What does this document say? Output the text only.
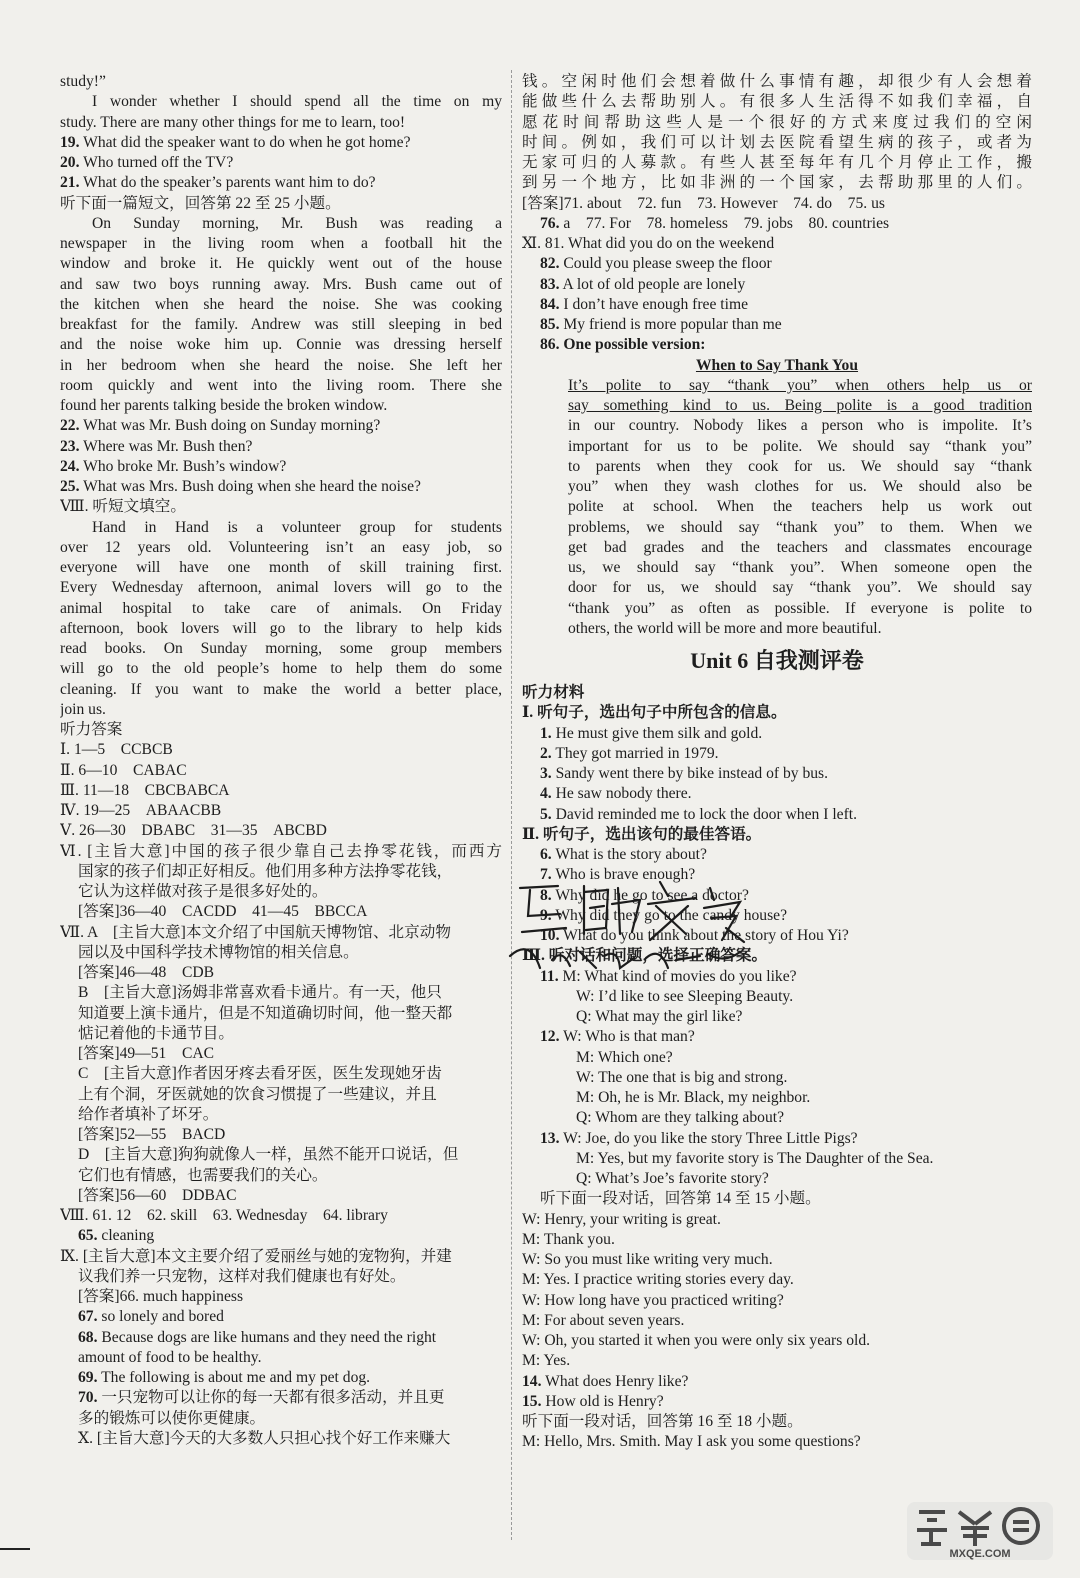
study!”
I wonder whether I should spend all the time on my
study. There are many other things for me to learn, too!
19. What did the speaker want to do when he got home?
20. Who turned off the TV?
21. What do the speaker’s parents want him to do?
听下面一篇短文，回答第 22 至 25 小题。
On Sunday morning, Mr. Bush was reading a
newspaper in the living room when a football hit the
window and broke it. He quickly went out of the house
and saw two boys running away. Mrs. Bush came out of
the kitchen when she heard the noise. She was cooking
breakfast for the family. Andrew was still sleeping in bed
and the noise woke him up. Connie was dressing herself
in her bedroom when she heard the noise. She left her
room quickly and went into the living room. There she
found her parents talking beside the broken window.
22. What was Mr. Bush doing on Sunday morning?
23. Where was Mr. Bush then?
24. Who broke Mr. Bush’s window?
25. What was Mrs. Bush doing when she heard the noise?
Ⅷ. 听短文填空。
Hand in Hand is a volunteer group for students
over 12 years old. Volunteering isn’t an easy job, so
everyone will have one month of skill training first.
Every Wednesday afternoon, animal lovers will go to the
animal hospital to take care of animals. On Friday
afternoon, book lovers will go to the library to help kids
read books. On Sunday morning, some group members
will go to the old people’s home to help them do some
cleaning. If you want to make the world a better place,
join us.
听力答案
Ⅰ. 1—5　CCBCB
Ⅱ. 6—10　CABAC
Ⅲ. 11—18　CBCBABCA
Ⅳ. 19—25　ABAACBB
Ⅴ. 26—30　DBABC　31—35　ABCBD
Ⅵ. [主旨大意]中国的孩子很少靠自己去挣零花钱，而西方
国家的孩子们却正好相反。他们用多种方法挣零花钱，
它认为这样做对孩子是很多好处的。
[答案]36—40　CACDD　41—45　BBCCA
Ⅶ. A　[主旨大意]本文介绍了中国航天博物馆、北京动物
园以及中国科学技术博物馆的相关信息。
[答案]46—48　CDB
B　[主旨大意]汤姆非常喜欢看卡通片。有一天，他只
知道要上演卡通片，但是不知道确切时间，他一整天都
惦记着他的卡通节目。
[答案]49—51　CAC
C　[主旨大意]作者因牙疼去看牙医，医生发现她牙齿
上有个洞，牙医就她的饮食习惯提了一些建议，并且
给作者填补了坏牙。
[答案]52—55　BACD
D　[主旨大意]狗狗就像人一样，虽然不能开口说话，但
它们也有情感，也需要我们的关心。
[答案]56—60　DDBAC
Ⅷ. 61. 12　62. skill　63. Wednesday　64. library
65. cleaning
Ⅸ. [主旨大意]本文主要介绍了爱丽丝与她的宠物狗，并建
议我们养一只宠物，这样对我们健康也有好处。
[答案]66. much happiness
67. so lonely and bored
68. Because dogs are like humans and they need the right
amount of food to be healthy.
69. The following is about me and my pet dog.
70. 一只宠物可以让你的每一天都有很多活动，并且更
多的锻炼可以使你更健康。
Ⅹ. [主旨大意]今天的大多数人只担心找个好工作来赚大
钱。空闲时他们会想着做什么事情有趣，却很少有人会想着
能做些什么去帮助别人。有很多人生活得不如我们幸福，自
愿花时间帮助这些人是一个很好的方式来度过我们的空闲
时间。例如，我们可以计划去医院看望生病的孩子，或者为
无家可归的人募款。有些人甚至每年有几个月停止工作，搬
到另一个地方，比如非洲的一个国家，去帮助那里的人们。
[答案]71. about　72. fun　73. However　74. do　75. us
76. a　77. For　78. homeless　79. jobs　80. countries
Ⅺ. 81. What did you do on the weekend
82. Could you please sweep the floor
83. A lot of old people are lonely
84. I don’t have enough free time
85. My friend is more popular than me
86. One possible version:
When to Say Thank You
It’s polite to say “thank you” when others help us or
say something kind to us. Being polite is a good tradition
in our country. Nobody likes a person who is impolite. It’s
important for us to be polite. We should say “thank you”
to parents when they cook for us. We should say “thank
you” when they wash clothes for us. We should also be
polite at school. When the teachers help us work out
problems, we should say “thank you” to them. When we
get bad grades and the teachers and classmates encourage
us, we should say “thank you”. When someone open the
door for us, we should say “thank you”. We should say
“thank you” as often as possible. If everyone is polite to
others, the world will be more and more beautiful.
Unit 6 自我测评卷
听力材料
Ⅰ. 听句子，选出句子中所包含的信息。
1. He must give them silk and gold.
2. They got married in 1979.
3. Sandy went there by bike instead of by bus.
4. He saw nobody there.
5. David reminded me to lock the door when I left.
Ⅱ. 听句子，选出该句的最佳答语。
6. What is the story about?
7. Who is brave enough?
8. Why did he go to see a doctor?
9. Why did they go to the candy house?
10. What do you think about the story of Hou Yi?
Ⅲ. 听对话和问题，选择正确答案。
11. M: What kind of movies do you like?
W: I’d like to see Sleeping Beauty.
Q: What may the girl like?
12. W: Who is that man?
M: Which one?
W: The one that is big and strong.
M: Oh, he is Mr. Black, my neighbor.
Q: Whom are they talking about?
13. W: Joe, do you like the story Three Little Pigs?
M: Yes, but my favorite story is The Daughter of the Sea.
Q: What’s Joe’s favorite story?
听下面一段对话，回答第 14 至 15 小题。
W: Henry, your writing is great.
M: Thank you.
W: So you must like writing very much.
M: Yes. I practice writing stories every day.
W: How long have you practiced writing?
M: For about seven years.
W: Oh, you started it when you were only six years old.
M: Yes.
14. What does Henry like?
15. How old is Henry?
听下面一段对话，回答第 16 至 18 小题。
M: Hello, Mrs. Smith. May I ask you some questions?
MXQE.COM
